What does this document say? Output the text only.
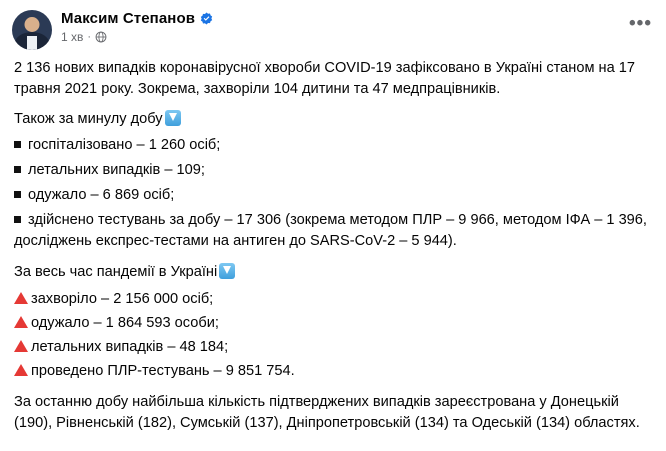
Максим Степанов
1 хв ·
•••

2 136 нових випадків коронавірусної хвороби COVID-19 зафіксовано в Україні станом на 17 травня 2021 року. Зокрема, захворіли 104 дитини та 47 медпрацівників.

Також за минулу добу

госпіталізовано – 1 260 осіб;

летальних випадків – 109;

одужало – 6 869 осіб;

здійснено тестувань за добу – 17 306 (зокрема методом ПЛР – 9 966, методом ІФА – 1 396, досліджень експрес-тестами на антиген до SARS-CoV-2 – 5 944).

За весь час пандемії в Україні

захворіло – 2 156 000 осіб;

одужало – 1 864 593 особи;

летальних випадків – 48 184;

проведено ПЛР-тестувань – 9 851 754.

За останню добу найбільша кількість підтверджених випадків зареєстрована у Донецькій (190), Рівненській (182), Сумській (137), Дніпропетровській (134) та Одеській (134) областях.
